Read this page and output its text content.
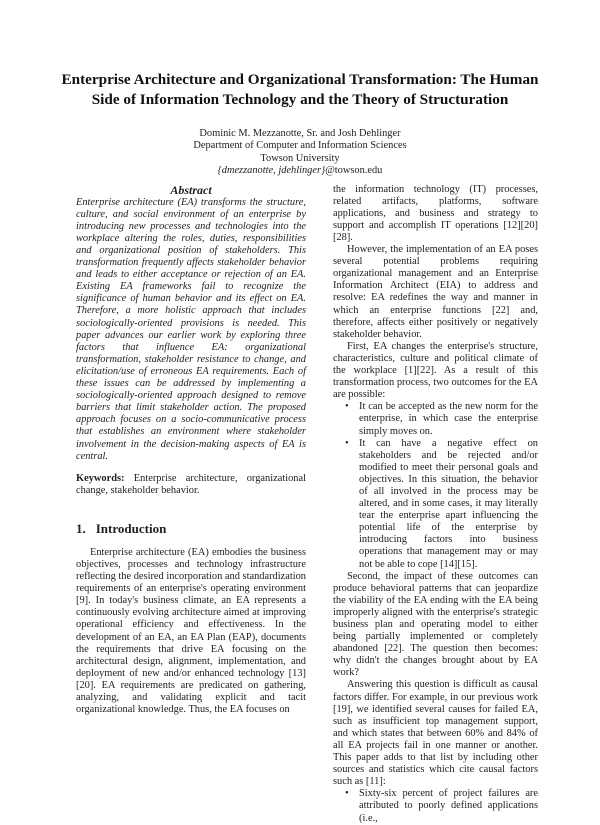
Enterprise Architecture and Organizational Transformation: The Human
Side of Information Technology and the Theory of Structuration
Dominic M. Mezzanotte, Sr. and Josh Dehlinger
Department of Computer and Information Sciences
Towson University
{dmezzanotte, jdehlinger}@towson.edu
Abstract

Enterprise architecture (EA) transforms the structure, culture, and social environment of an enterprise by introducing new processes and technologies into the workplace altering the roles, duties, responsibilities and organizational position of stakeholders. This transformation frequently affects stakeholder behavior and leads to either acceptance or rejection of an EA. Existing EA frameworks fail to recognize the significance of human behavior and its effect on EA. Therefore, a more holistic approach that includes sociologically-oriented provisions is needed. This paper advances our earlier work by exploring three factors that influence EA: organizational transformation, stakeholder resistance to change, and elicitation/use of erroneous EA requirements. Each of these issues can be addressed by implementing a sociologically-oriented approach designed to remove barriers that limit stakeholder action. The proposed approach focuses on a socio-communicative process that establishes an environment where stakeholder involvement in the decision-making aspects of EA is central.

Keywords: Enterprise architecture, organizational change, stakeholder behavior.

1. Introduction

Enterprise architecture (EA) embodies the business objectives, processes and technology infrastructure reflecting the desired incorporation and standardization requirements of an enterprise's operating environment [9]. In today's business climate, an EA represents a continuously evolving architecture aimed at improving operational efficiency and effectiveness. In the development of an EA, an EA Plan (EAP), documents the requirements that drive EA focusing on the architectural design, alignment, implementation, and deployment of new and/or enhanced technology [13][20]. EA requirements are predicated on gathering, analyzing, and validating explicit and tacit organizational knowledge. Thus, the EA focuses on

the information technology (IT) processes, related artifacts, platforms, software applications, and business and strategy to support and accomplish IT operations [12][20][28].

However, the implementation of an EA poses several potential problems requiring organizational management and an Enterprise Information Architect (EIA) to address and resolve: EA redefines the way and manner in which an enterprise functions [22] and, therefore, affects either positively or negatively stakeholder behavior.

First, EA changes the enterprise's structure, characteristics, culture and political climate of the workplace [1][22]. As a result of this transformation process, two outcomes for the EA are possible:

• It can be accepted as the new norm for the enterprise, in which case the enterprise simply moves on.
• It can have a negative effect on stakeholders and be rejected and/or modified to meet their personal goals and objectives. In this situation, the behavior of all involved in the process may be altered, and in some cases, it may literally tear the enterprise apart influencing the potential life of the enterprise by introducing factors into business operations that management may or may not be able to cope [14][15].

Second, the impact of these outcomes can produce behavioral patterns that can jeopardize the viability of the EA ending with the EA being improperly aligned with the enterprise's strategic business plan and operating model to either being partially implemented or completely abandoned [22]. The question then becomes: why didn't the changes brought about by EA work?

Answering this question is difficult as causal factors differ. For example, in our previous work [19], we identified several causes for failed EA, such as insufficient top management support, and which states that between 60% and 84% of all EA projects fail in one manner or another. This paper adds to that list by including other sources and statistics which cite causal factors such as [11]:

• Sixty-six percent of project failures are attributed to poorly defined applications (i.e.,
